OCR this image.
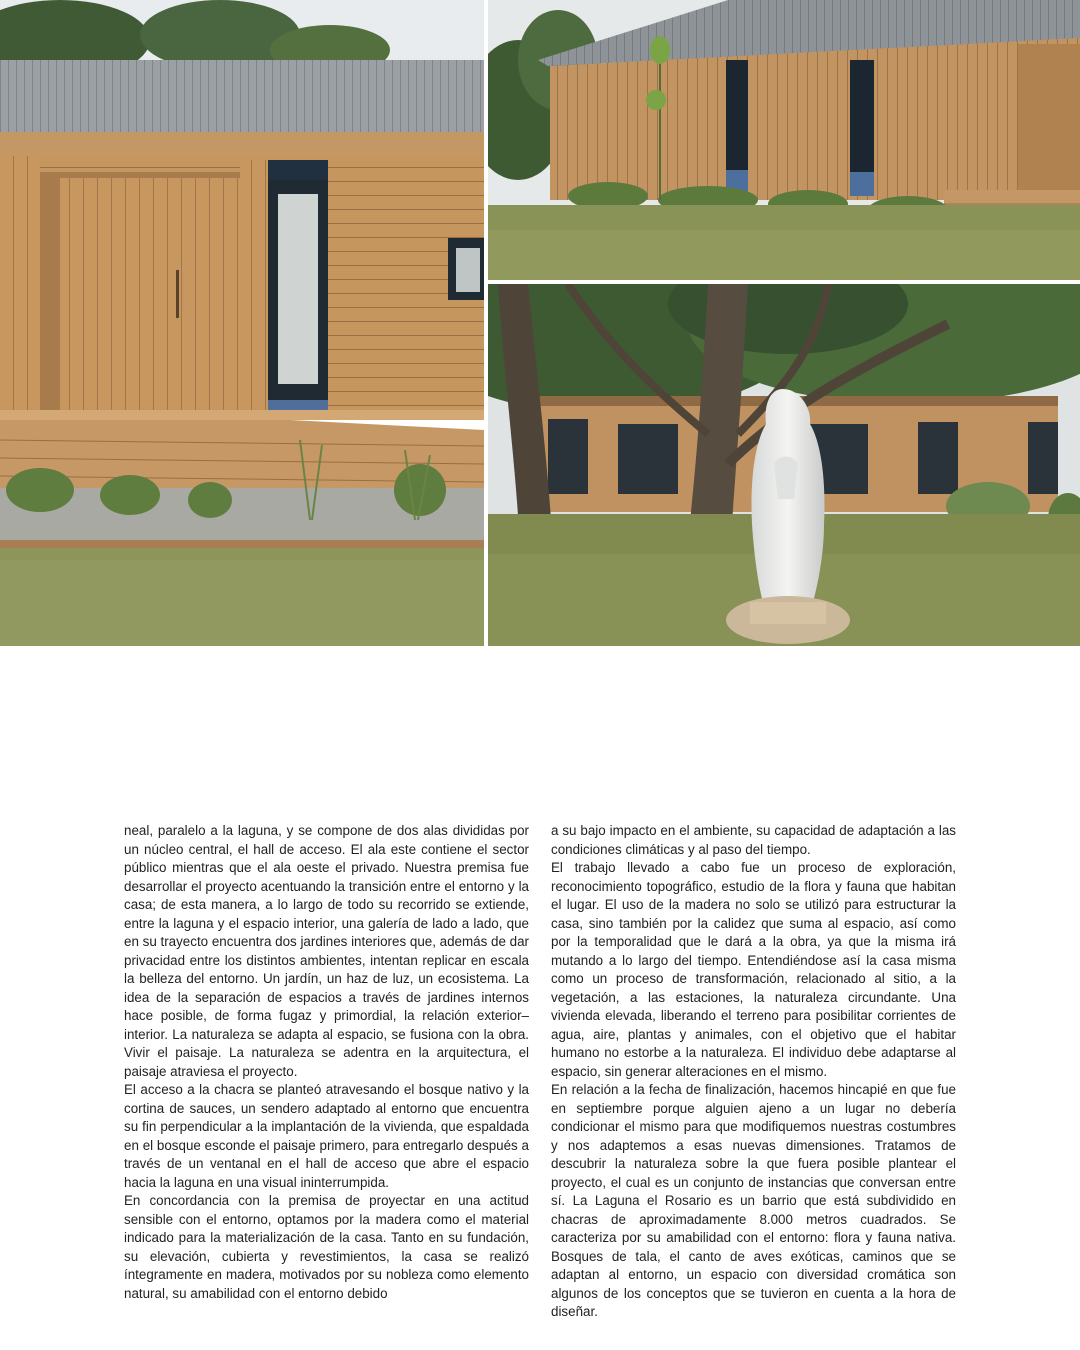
neal, paralelo a la laguna, y se compone de dos alas divididas por un núcleo central, el hall de acceso. El ala este contiene el sector público mientras que el ala oeste el privado. Nuestra premisa fue desarrollar el proyecto acentuando la transición entre el entorno y la casa; de esta manera, a lo largo de todo su recorrido se extiende, entre la laguna y el espacio interior, una galería de lado a lado, que en su trayecto encuentra dos jardines interiores que, además de dar privacidad entre los distintos ambientes, intentan replicar en escala la belleza del entorno. Un jardín, un haz de luz, un ecosistema. La idea de la separación de espacios a través de jardines internos hace posible, de forma fugaz y primordial, la relación exterior–interior. La naturaleza se adapta al espacio, se fusiona con la obra. Vivir el paisaje. La naturaleza se adentra en la arquitectura, el paisaje atraviesa el proyecto.

El acceso a la chacra se planteó atravesando el bosque nativo y la cortina de sauces, un sendero adaptado al entorno que encuentra su fin perpendicular a la implantación de la vivienda, que espaldada en el bosque esconde el paisaje primero, para entregarlo después a través de un ventanal en el hall de acceso que abre el espacio hacia la laguna en una visual ininterrumpida.

En concordancia con la premisa de proyectar en una actitud sensible con el entorno, optamos por la madera como el material indicado para la materialización de la casa. Tanto en su fundación, su elevación, cubierta y revestimientos, la casa se realizó íntegramente en madera, motivados por su nobleza como elemento natural, su amabilidad con el entorno debido

a su bajo impacto en el ambiente, su capacidad de adaptación a las condiciones climáticas y al paso del tiempo.

El trabajo llevado a cabo fue un proceso de exploración, reconocimiento topográfico, estudio de la flora y fauna que habitan el lugar. El uso de la madera no solo se utilizó para estructurar la casa, sino también por la calidez que suma al espacio, así como por la temporalidad que le dará a la obra, ya que la misma irá mutando a lo largo del tiempo. Entendiéndose así la casa misma como un proceso de transformación, relacionado al sitio, a la vegetación, a las estaciones, la naturaleza circundante. Una vivienda elevada, liberando el terreno para posibilitar corrientes de agua, aire, plantas y animales, con el objetivo que el habitar humano no estorbe a la naturaleza. El individuo debe adaptarse al espacio, sin generar alteraciones en el mismo.

En relación a la fecha de finalización, hacemos hincapié en que fue en septiembre porque alguien ajeno a un lugar no debería condicionar el mismo para que modifiquemos nuestras costumbres y nos adaptemos a esas nuevas dimensiones. Tratamos de descubrir la naturaleza sobre la que fuera posible plantear el proyecto, el cual es un conjunto de instancias que conversan entre sí. La Laguna el Rosario es un barrio que está subdividido en chacras de aproximadamente 8.000 metros cuadrados. Se caracteriza por su amabilidad con el entorno: flora y fauna nativa. Bosques de tala, el canto de aves exóticas, caminos que se adaptan al entorno, un espacio con diversidad cromática son algunos de los conceptos que se tuvieron en cuenta a la hora de diseñar.
